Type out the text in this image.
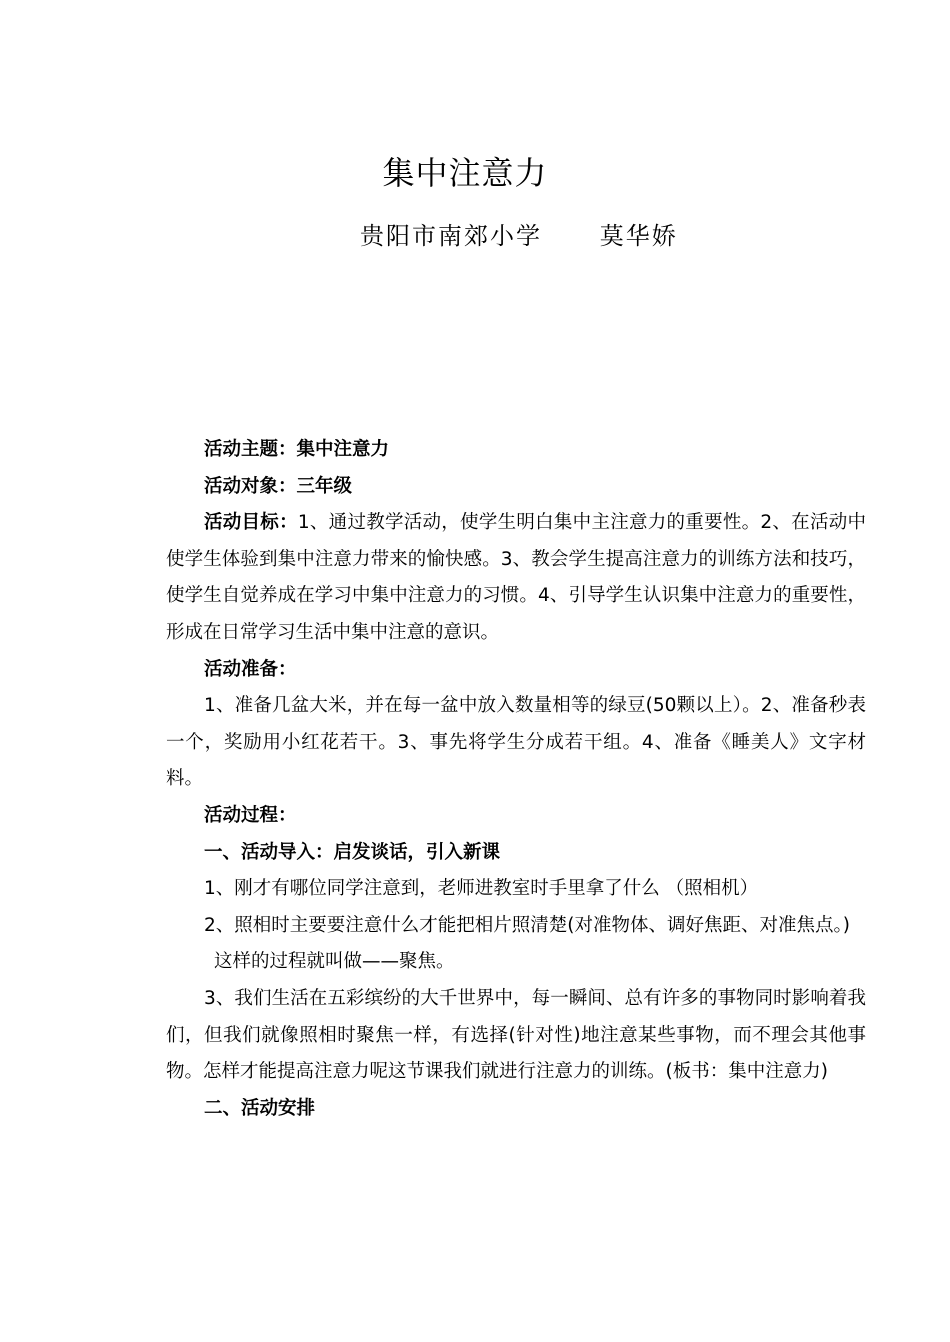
集中注意力
贵阳市南郊小学      莫华娇

活动主题：集中注意力

活动对象：三年级

活动目标：1、通过教学活动，使学生明白集中主注意力的重要性。2、在活动中使学生体验到集中注意力带来的愉快感。3、教会学生提高注意力的训练方法和技巧，使学生自觉养成在学习中集中注意力的习惯。4、引导学生认识集中注意力的重要性，形成在日常学习生活中集中注意的意识。

活动准备：

1、准备几盆大米，并在每一盆中放入数量相等的绿豆(50颗以上）。2、准备秒表一个，奖励用小红花若干。3、事先将学生分成若干组。4、准备《睡美人》文字材料。

活动过程：

一、活动导入：启发谈话，引入新课

1、刚才有哪位同学注意到，老师进教室时手里拿了什么 （照相机）

2、照相时主要要注意什么才能把相片照清楚(对准物体、调好焦距、对准焦点。)

这样的过程就叫做——聚焦。

3、我们生活在五彩缤纷的大千世界中，每一瞬间、总有许多的事物同时影响着我们，但我们就像照相时聚焦一样，有选择(针对性)地注意某些事物，而不理会其他事物。怎样才能提高注意力呢这节课我们就进行注意力的训练。(板书：集中注意力)

二、活动安排
